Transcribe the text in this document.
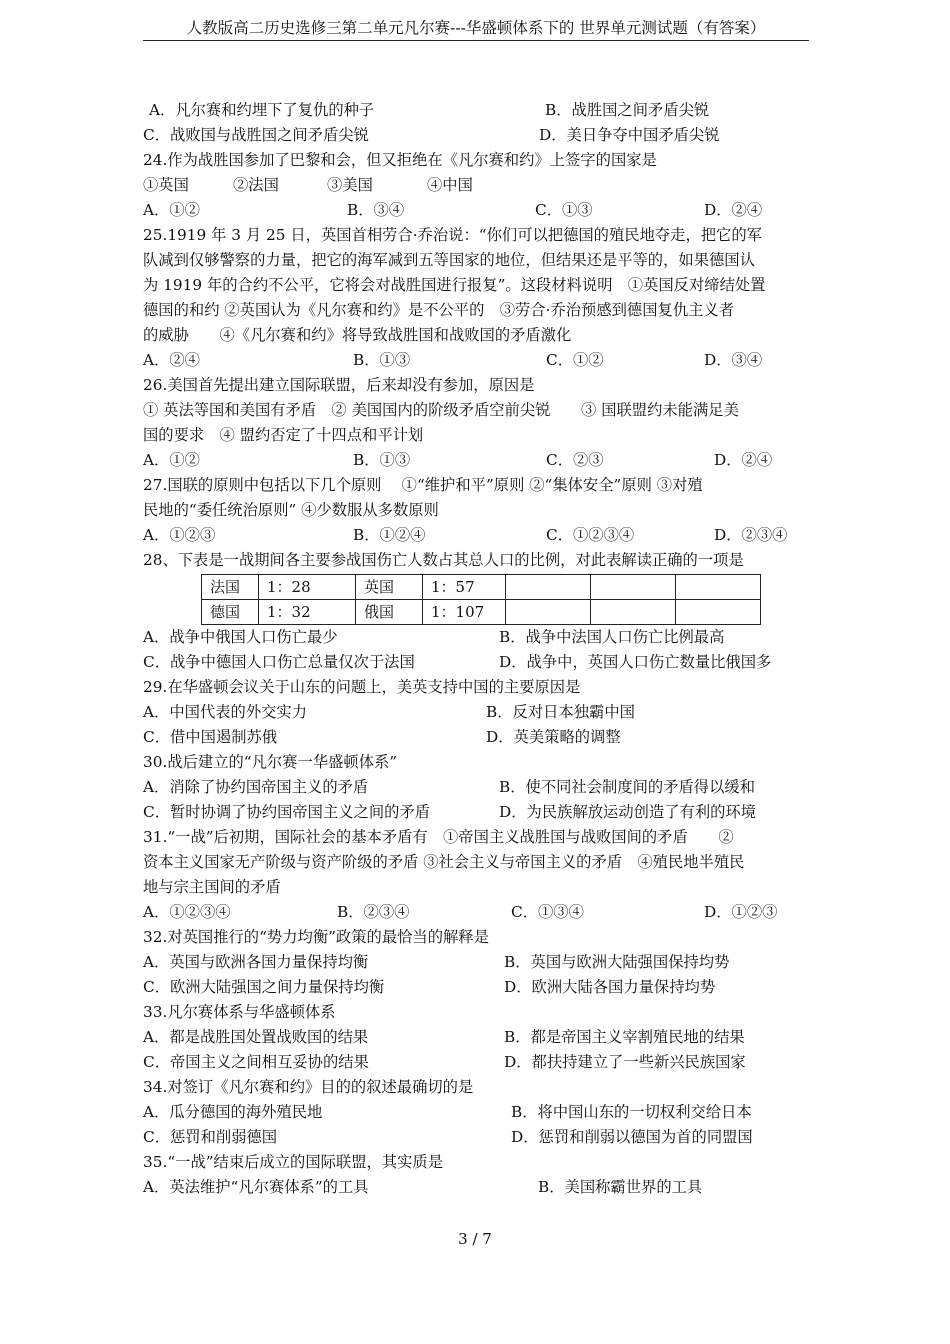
人教版高二历史选修三第二单元凡尔赛---华盛顿体系下的 世界单元测试题（有答案）
A．凡尔赛和约埋下了复仇的种子	B．战胜国之间矛盾尖锐
C．战败国与战胜国之间矛盾尖锐	D．美日争夺中国矛盾尖锐
24.作为战胜国参加了巴黎和会，但又拒绝在《凡尔赛和约》上签字的国家是
①英国	②法国	③美国	④中国
A．①②	B．③④	C．①③	D．②④
25.1919 年 3 月 25 日，英国首相劳合·乔治说：“你们可以把德国的殖民地夺走，把它的军
队减到仅够警察的力量，把它的海军减到五等国家的地位，但结果还是平等的，如果德国认
为 1919 年的合约不公平，它将会对战胜国进行报复”。这段材料说明　①英国反对缔结处置
德国的和约 ②英国认为《凡尔赛和约》是不公平的　③劳合·乔治预感到德国复仇主义者
的威胁　　④《凡尔赛和约》将导致战胜国和战败国的矛盾激化
A．②④	B．①③	C．①②	D．③④
26.美国首先提出建立国际联盟，后来却没有参加，原因是
① 英法等国和美国有矛盾　② 美国国内的阶级矛盾空前尖锐　　③ 国联盟约未能满足美
国的要求　④ 盟约否定了十四点和平计划
A．①②	B．①③	C．②③	D．②④
27.国联的原则中包括以下几个原则　 ①“维护和平”原则 ②“集体安全”原则 ③对殖
民地的“委任统治原则” ④少数服从多数原则
A．①②③	B．①②④	C．①②③④	D．②③④
28、下表是一战期间各主要参战国伤亡人数占其总人口的比例，对此表解读正确的一项是
法国	1：28	英国	1：57			
德国	1：32	俄国	1：107			
A．战争中俄国人口伤亡最少	B．战争中法国人口伤亡比例最高
C．战争中德国人口伤亡总量仅次于法国	D．战争中，英国人口伤亡数量比俄国多
29.在华盛顿会议关于山东的问题上，美英支持中国的主要原因是
A．中国代表的外交实力	B．反对日本独霸中国
C．借中国遏制苏俄	D．英美策略的调整
30.战后建立的“凡尔赛一华盛顿体系”
A．消除了协约国帝国主义的矛盾	B．使不同社会制度间的矛盾得以缓和
C．暂时协调了协约国帝国主义之间的矛盾	D．为民族解放运动创造了有利的环境
31.“一战”后初期，国际社会的基本矛盾有　①帝国主义战胜国与战败国间的矛盾　　②
资本主义国家无产阶级与资产阶级的矛盾 ③社会主义与帝国主义的矛盾　④殖民地半殖民
地与宗主国间的矛盾
A．①②③④	B．②③④	C．①③④	D．①②③
32.对英国推行的“势力均衡”政策的最恰当的解释是
A．英国与欧洲各国力量保持均衡	B．英国与欧洲大陆强国保持均势
C．欧洲大陆强国之间力量保持均衡	D．欧洲大陆各国力量保持均势
33.凡尔赛体系与华盛顿体系
A．都是战胜国处置战败国的结果	B．都是帝国主义宰割殖民地的结果
C．帝国主义之间相互妥协的结果	D．都扶持建立了一些新兴民族国家
34.对签订《凡尔赛和约》目的的叙述最确切的是
A．瓜分德国的海外殖民地	B．将中国山东的一切权利交给日本
C．惩罚和削弱德国	D．惩罚和削弱以德国为首的同盟国
35.“一战”结束后成立的国际联盟，其实质是
A．英法维护“凡尔赛体系”的工具	B．美国称霸世界的工具
3 / 7
